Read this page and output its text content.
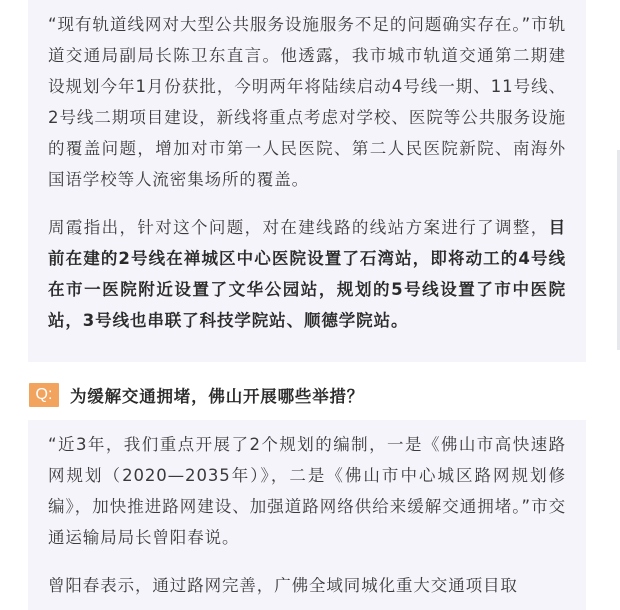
“现有轨道线网对大型公共服务设施服务不足的问题确实存在。”市轨道交通局副局长陈卫东直言。他透露，我市城市轨道交通第二期建设规划今年1月份获批，今明两年将陆续启动4号线一期、11号线、2号线二期项目建设，新线将重点考虑对学校、医院等公共服务设施的覆盖问题，增加对市第一人民医院、第二人民医院新院、南海外国语学校等人流密集场所的覆盖。

周霞指出，针对这个问题，对在建线路的线站方案进行了调整，目前在建的2号线在禅城区中心医院设置了石湾站，即将动工的4号线在市一医院附近设置了文华公园站，规划的5号线设置了市中医院站，3号线也串联了科技学院站、顺德学院站。

Q:	为缓解交通拥堵，佛山开展哪些举措？

“近3年，我们重点开展了2个规划的编制，一是《佛山市高快速路网规划（2020—2035年）》，二是《佛山市中心城区路网规划修编》，加快推进路网建设、加强道路网络供给来缓解交通拥堵。”市交通运输局局长曾阳春说。

曾阳春表示，通过路网完善，广佛全域同城化重大交通项目取
